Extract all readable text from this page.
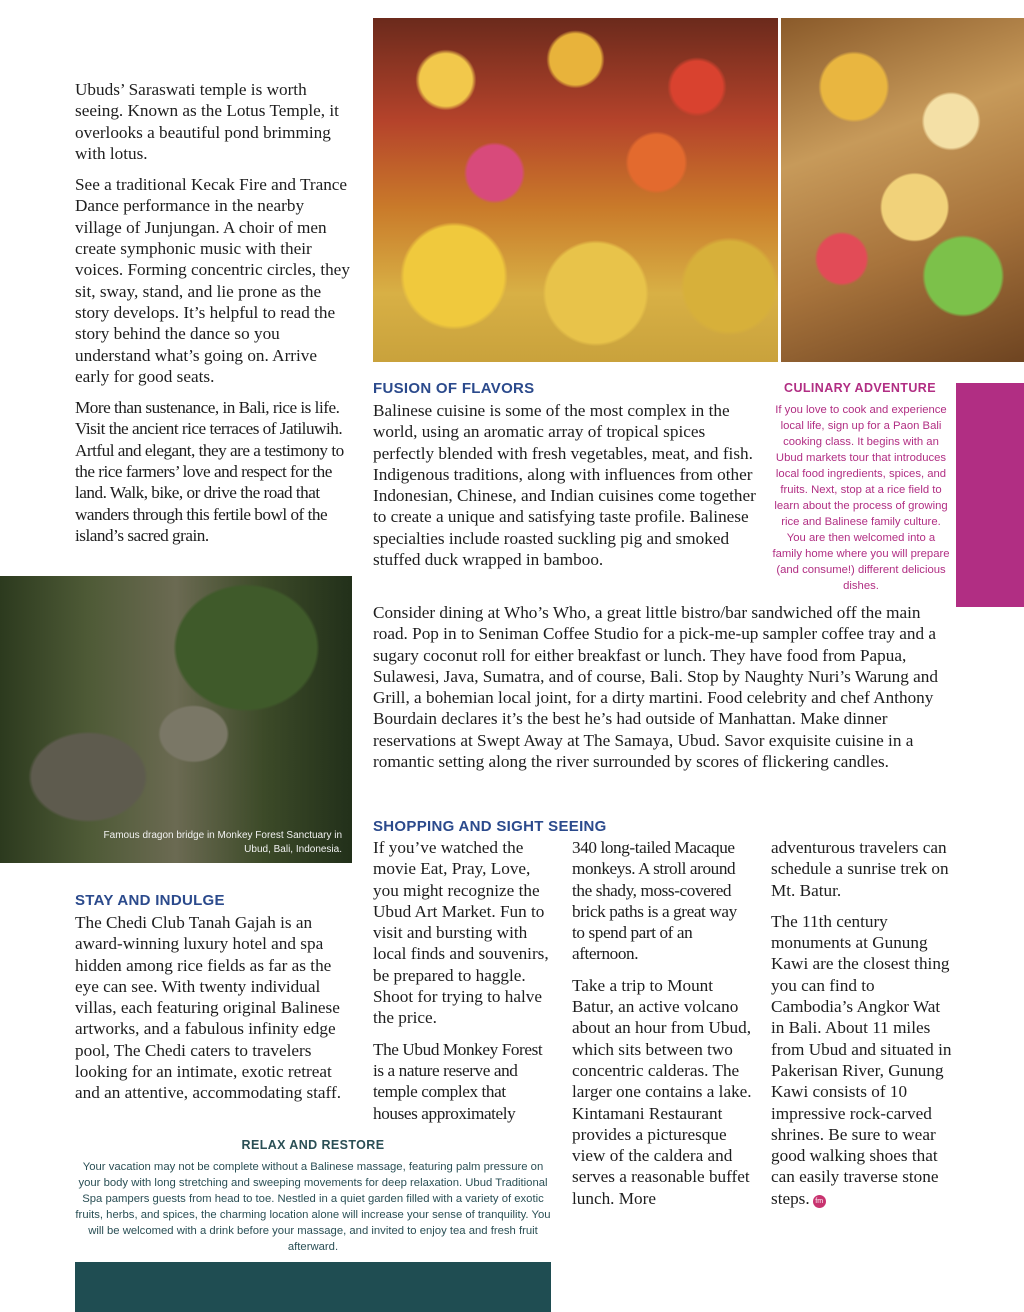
Ubuds’ Saraswati temple is worth seeing. Known as the Lotus Temple, it overlooks a beautiful pond brimming with lotus.

See a traditional Kecak Fire and Trance Dance performance in the nearby village of Junjungan. A choir of men create symphonic music with their voices. Forming concentric circles, they sit, sway, stand, and lie prone as the story develops. It’s helpful to read the story behind the dance so you understand what’s going on. Arrive early for good seats.

More than sustenance, in Bali, rice is life. Visit the ancient rice terraces of Jatiluwih. Artful and elegant, they are a testimony to the rice farmers’ love and respect for the land. Walk, bike, or drive the road that wanders through this fertile bowl of the island’s sacred grain.

Famous dragon bridge in Monkey Forest Sanctuary in Ubud, Bali, Indonesia.
STAY AND INDULGE
The Chedi Club Tanah Gajah is an award-winning luxury hotel and spa hidden among rice fields as far as the eye can see. With twenty individual villas, each featuring original Balinese artworks, and a fabulous infinity edge pool, The Chedi caters to travelers looking for an intimate, exotic retreat and an attentive, accommodating staff.
RELAX AND RESTORE
Your vacation may not be complete without a Balinese massage, featuring palm pressure on your body with long stretching and sweeping movements for deep relaxation. Ubud Traditional Spa pampers guests from head to toe. Nestled in a quiet garden filled with a variety of exotic fruits, herbs, and spices, the charming location alone will increase your sense of tranquility. You will be welcomed with a drink before your massage, and invited to enjoy tea and fresh fruit afterward.
FUSION OF FLAVORS
Balinese cuisine is some of the most complex in the world, using an aromatic array of tropical spices perfectly blended with fresh vegetables, meat, and fish. Indigenous traditions, along with influences from other Indonesian, Chinese, and Indian cuisines come together to create a unique and satisfying taste profile. Balinese specialties include roasted suckling pig and smoked stuffed duck wrapped in bamboo.
Consider dining at Who’s Who, a great little bistro/bar sandwiched off the main road. Pop in to Seniman Coffee Studio for a pick-me-up sampler coffee tray and a sugary coconut roll for either breakfast or lunch. They have food from Papua, Sulawesi, Java, Sumatra, and of course, Bali. Stop by Naughty Nuri’s Warung and Grill, a bohemian local joint, for a dirty martini. Food celebrity and chef Anthony Bourdain declares it’s the best he’s had outside of Manhattan. Make dinner reservations at Swept Away at The Samaya, Ubud. Savor exquisite cuisine in a romantic setting along the river surrounded by scores of flickering candles.
CULINARY ADVENTURE
If you love to cook and experience local life, sign up for a Paon Bali cooking class. It begins with an Ubud markets tour that introduces local food ingredients, spices, and fruits. Next, stop at a rice field to learn about the process of growing rice and Balinese family culture. You are then welcomed into a family home where you will prepare (and consume!) different delicious dishes.
SHOPPING AND SIGHT SEEING

If you’ve watched the movie Eat, Pray, Love, you might recognize the Ubud Art Market. Fun to visit and bursting with local finds and souvenirs, be prepared to haggle. Shoot for trying to halve the price.

The Ubud Monkey Forest is a nature reserve and temple complex that houses approximately

340 long-tailed Macaque monkeys. A stroll around the shady, moss-covered brick paths is a great way to spend part of an afternoon.

Take a trip to Mount Batur, an active volcano about an hour from Ubud, which sits between two concentric calderas. The larger one contains a lake. Kintamani Restaurant provides a picturesque view of the caldera and serves a reasonable buffet lunch. More

adventurous travelers can schedule a sunrise trek on Mt. Batur.

The 11th century monuments at Gunung Kawi are the closest thing you can find to Cambodia’s Angkor Wat in Bali. About 11 miles from Ubud and situated in Pakerisan River, Gunung Kawi consists of 10 impressive rock-carved shrines. Be sure to wear good walking shoes that can easily traverse stone steps. fm
